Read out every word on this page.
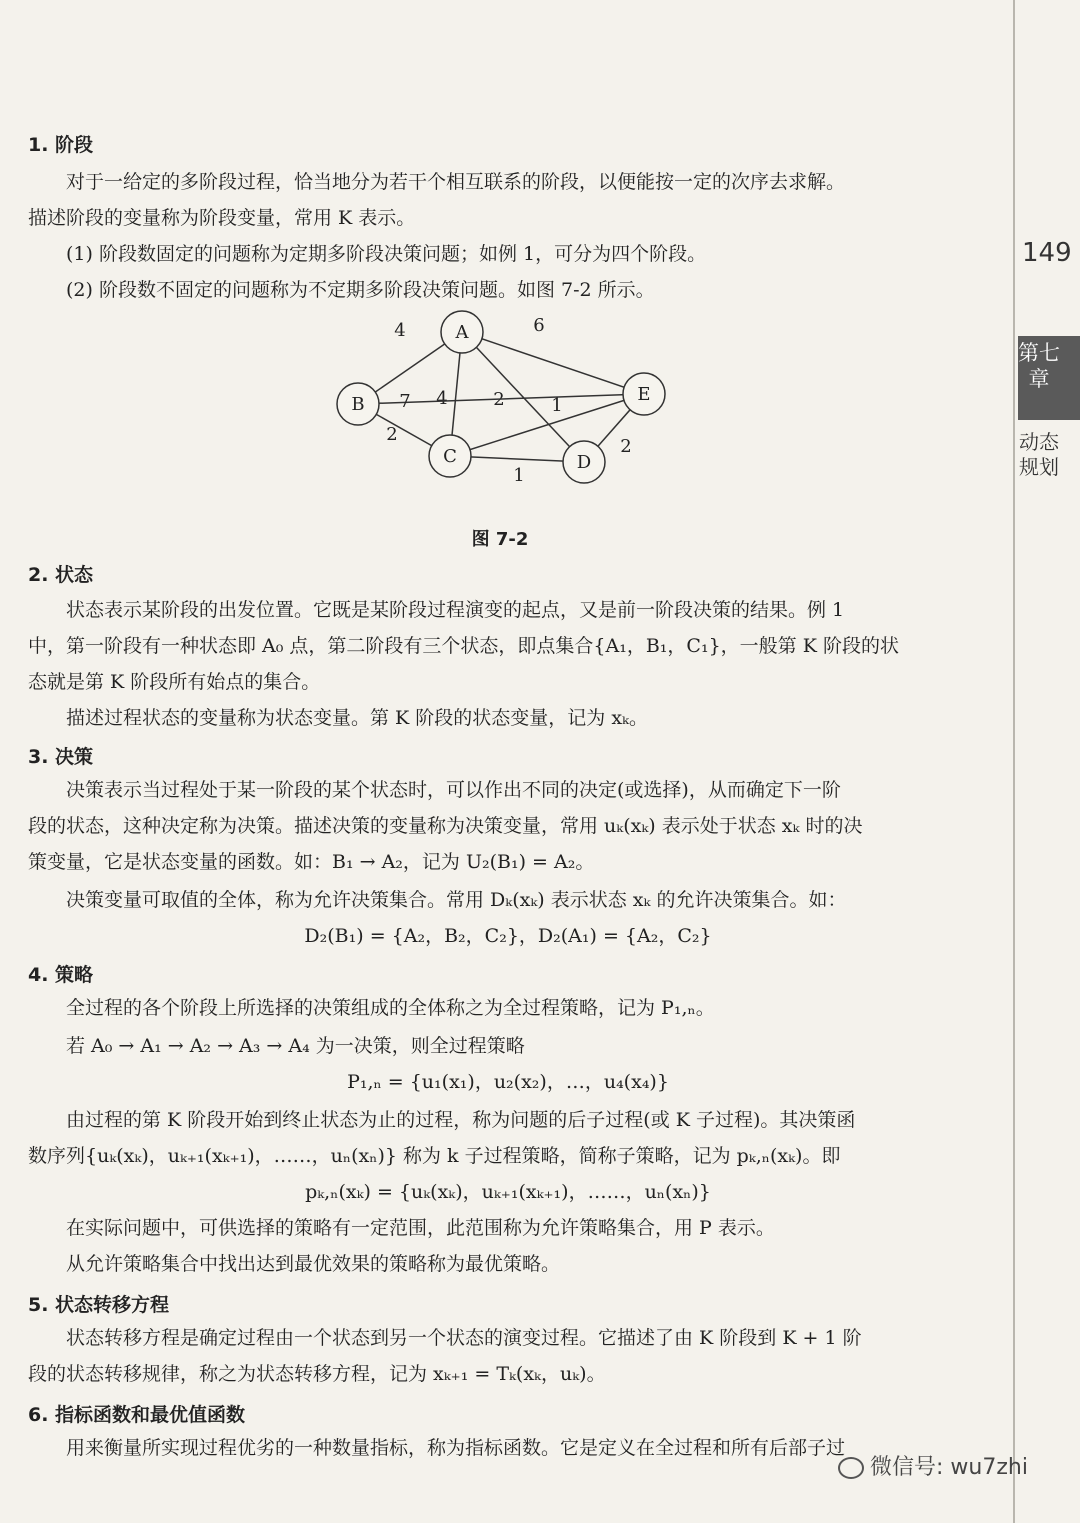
149
第七章
动态规划
1. 阶段
对于一给定的多阶段过程，恰当地分为若干个相互联系的阶段，以便能按一定的次序去求解。
描述阶段的变量称为阶段变量，常用 K 表示。
(1) 阶段数固定的问题称为定期多阶段决策问题；如例 1，可分为四个阶段。
(2) 阶段数不固定的问题称为不定期多阶段决策问题。如图 7-2 所示。
2. 状态
状态表示某阶段的出发位置。它既是某阶段过程演变的起点，又是前一阶段决策的结果。例 1
中，第一阶段有一种状态即 A₀ 点，第二阶段有三个状态，即点集合{A₁，B₁，C₁}，一般第 K 阶段的状
态就是第 K 阶段所有始点的集合。
描述过程状态的变量称为状态变量。第 K 阶段的状态变量，记为 xₖ。
3. 决策
决策表示当过程处于某一阶段的某个状态时，可以作出不同的决定(或选择)，从而确定下一阶
段的状态，这种决定称为决策。描述决策的变量称为决策变量，常用 uₖ(xₖ) 表示处于状态 xₖ 时的决
策变量，它是状态变量的函数。如：B₁ → A₂，记为 U₂(B₁) = A₂。
决策变量可取值的全体，称为允许决策集合。常用 Dₖ(xₖ) 表示状态 xₖ 的允许决策集合。如：
D₂(B₁) = {A₂，B₂，C₂}，D₂(A₁) = {A₂，C₂}
4. 策略
全过程的各个阶段上所选择的决策组成的全体称之为全过程策略，记为 P₁,ₙ。
若 A₀ → A₁ → A₂ → A₃ → A₄ 为一决策，则全过程策略
P₁,ₙ = {u₁(x₁)，u₂(x₂)，…，u₄(x₄)}
由过程的第 K 阶段开始到终止状态为止的过程，称为问题的后子过程(或 K 子过程)。其决策函
数序列{uₖ(xₖ)，uₖ₊₁(xₖ₊₁)，……，uₙ(xₙ)} 称为 k 子过程策略，简称子策略，记为 pₖ,ₙ(xₖ)。即
pₖ,ₙ(xₖ) = {uₖ(xₖ)，uₖ₊₁(xₖ₊₁)，……，uₙ(xₙ)}
在实际问题中，可供选择的策略有一定范围，此范围称为允许策略集合，用 P 表示。
从允许策略集合中找出达到最优效果的策略称为最优策略。
5. 状态转移方程
状态转移方程是确定过程由一个状态到另一个状态的演变过程。它描述了由 K 阶段到 K + 1 阶
段的状态转移规律，称之为状态转移方程，记为 xₖ₊₁ = Tₖ(xₖ，uₖ)。
6. 指标函数和最优值函数
用来衡量所实现过程优劣的一种数量指标，称为指标函数。它是定义在全过程和所有后部子过
4
4
6
7
2
1
1
2
A
B
C	D
E
图 7-2
微信号: wu7zhi
